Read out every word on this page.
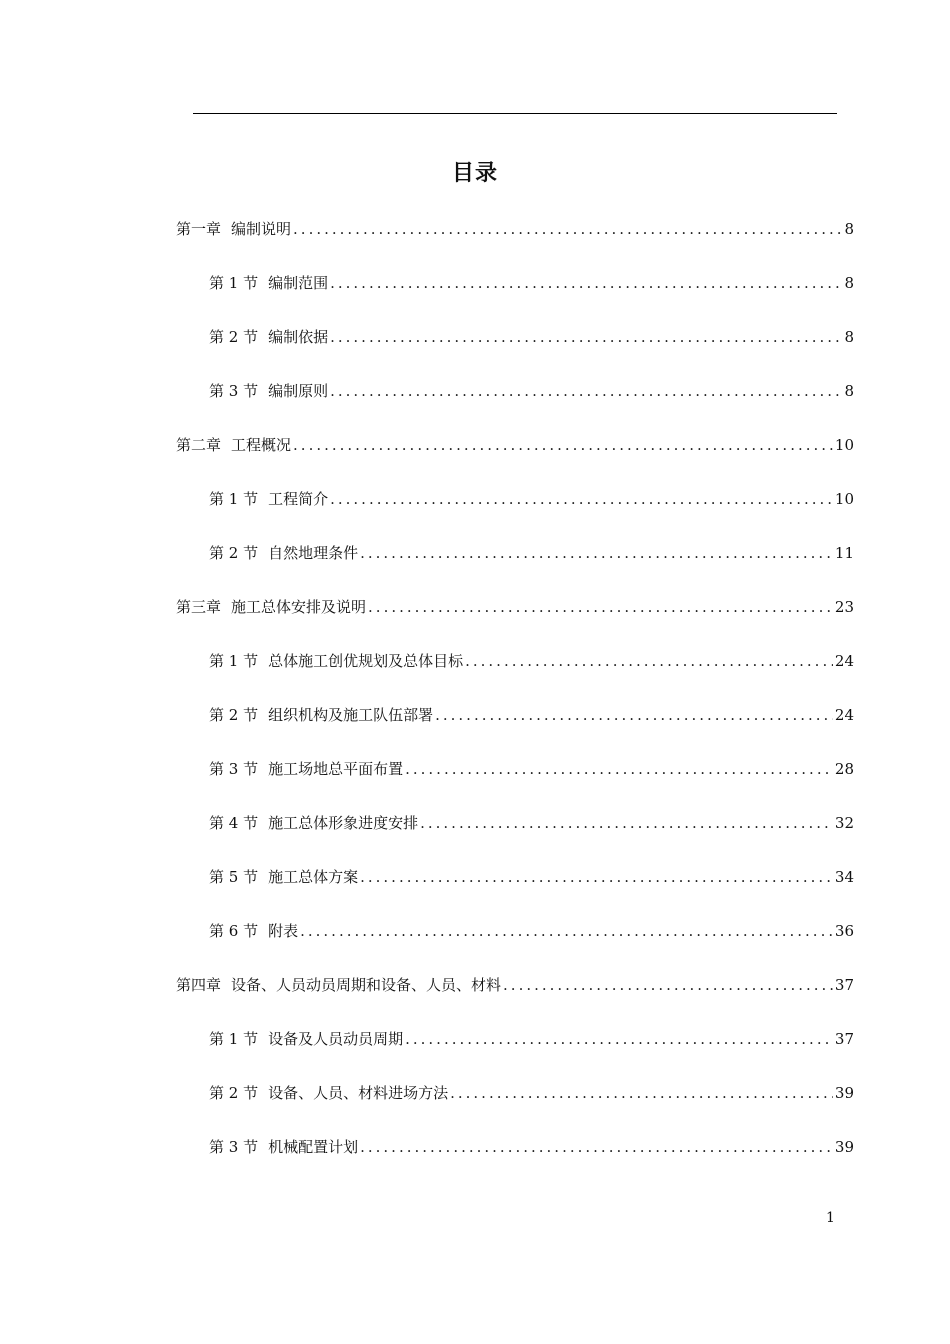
目录
第一章 编制说明 .....	8
第 1 节 编制范围 .....	8
第 2 节 编制依据 .....	8
第 3 节 编制原则 .....	8
第二章 工程概况 .....	10
第 1 节 工程简介 .....	10
第 2 节 自然地理条件 .....	11
第三章 施工总体安排及说明 .....	23
第 1 节 总体施工创优规划及总体目标 .....	24
第 2 节 组织机构及施工队伍部署 .....	24
第 3 节 施工场地总平面布置 .....	28
第 4 节 施工总体形象进度安排 .....	32
第 5 节 施工总体方案 .....	34
第 6 节 附表 .....	36
第四章 设备、人员动员周期和设备、人员、材料 .....	37
第 1 节 设备及人员动员周期 .....	37
第 2 节 设备、人员、材料进场方法 .....	39
第 3 节 机械配置计划 .....	39
1
